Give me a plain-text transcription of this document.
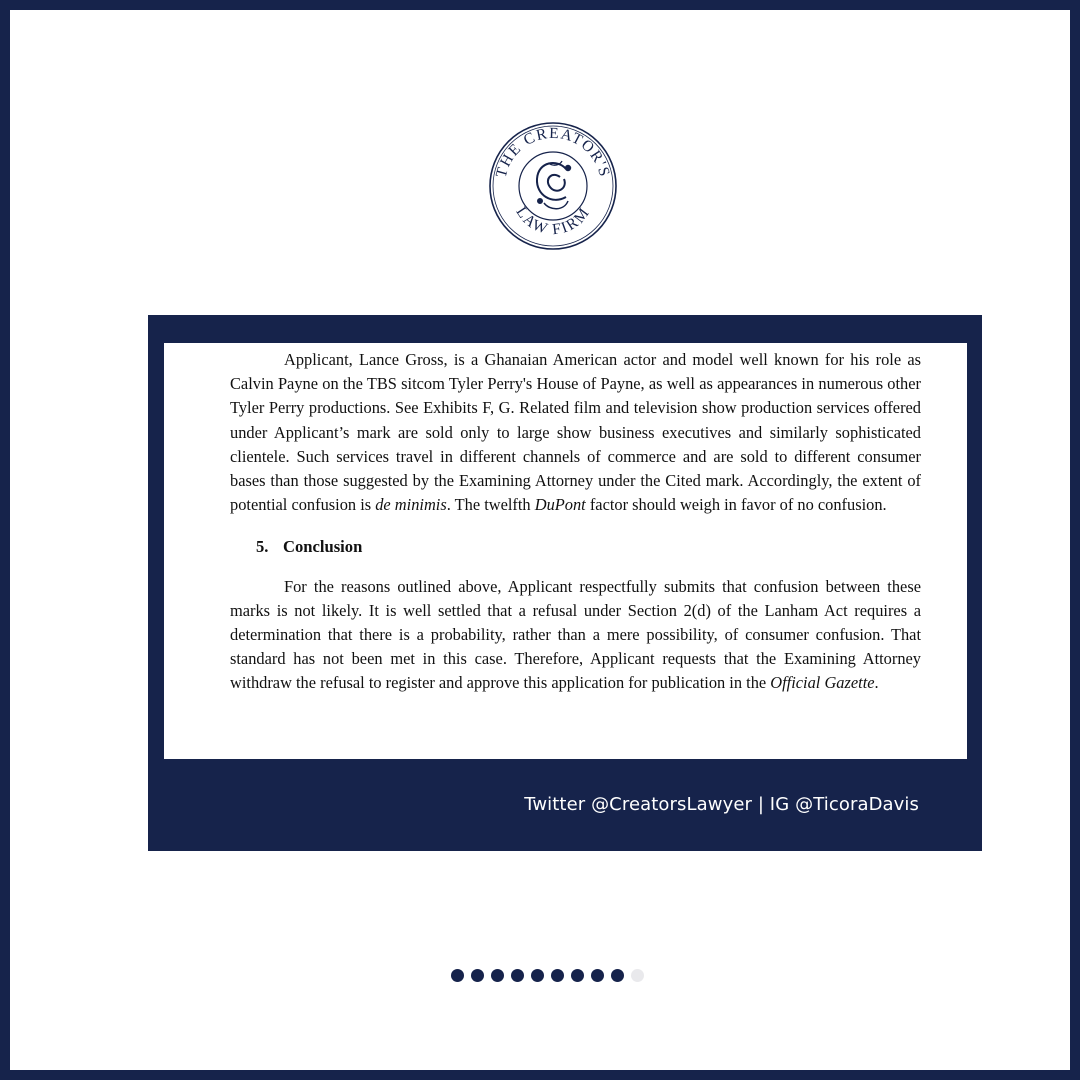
THE CREATOR'S
LAW FIRM

Applicant, Lance Gross, is a Ghanaian American actor and model well known for his role as Calvin Payne on the TBS sitcom Tyler Perry's House of Payne, as well as appearances in numerous other Tyler Perry productions. See Exhibits F, G. Related film and television show production services offered under Applicant’s mark are sold only to large show business executives and similarly sophisticated clientele. Such services travel in different channels of commerce and are sold to different consumer bases than those suggested by the Examining Attorney under the Cited mark. Accordingly, the extent of potential confusion is de minimis. The twelfth DuPont factor should weigh in favor of no confusion.

5. Conclusion

For the reasons outlined above, Applicant respectfully submits that confusion between these marks is not likely. It is well settled that a refusal under Section 2(d) of the Lanham Act requires a determination that there is a probability, rather than a mere possibility, of consumer confusion. That standard has not been met in this case. Therefore, Applicant requests that the Examining Attorney withdraw the refusal to register and approve this application for publication in the Official Gazette.

Twitter @CreatorsLawyer | IG @TicoraDavis
